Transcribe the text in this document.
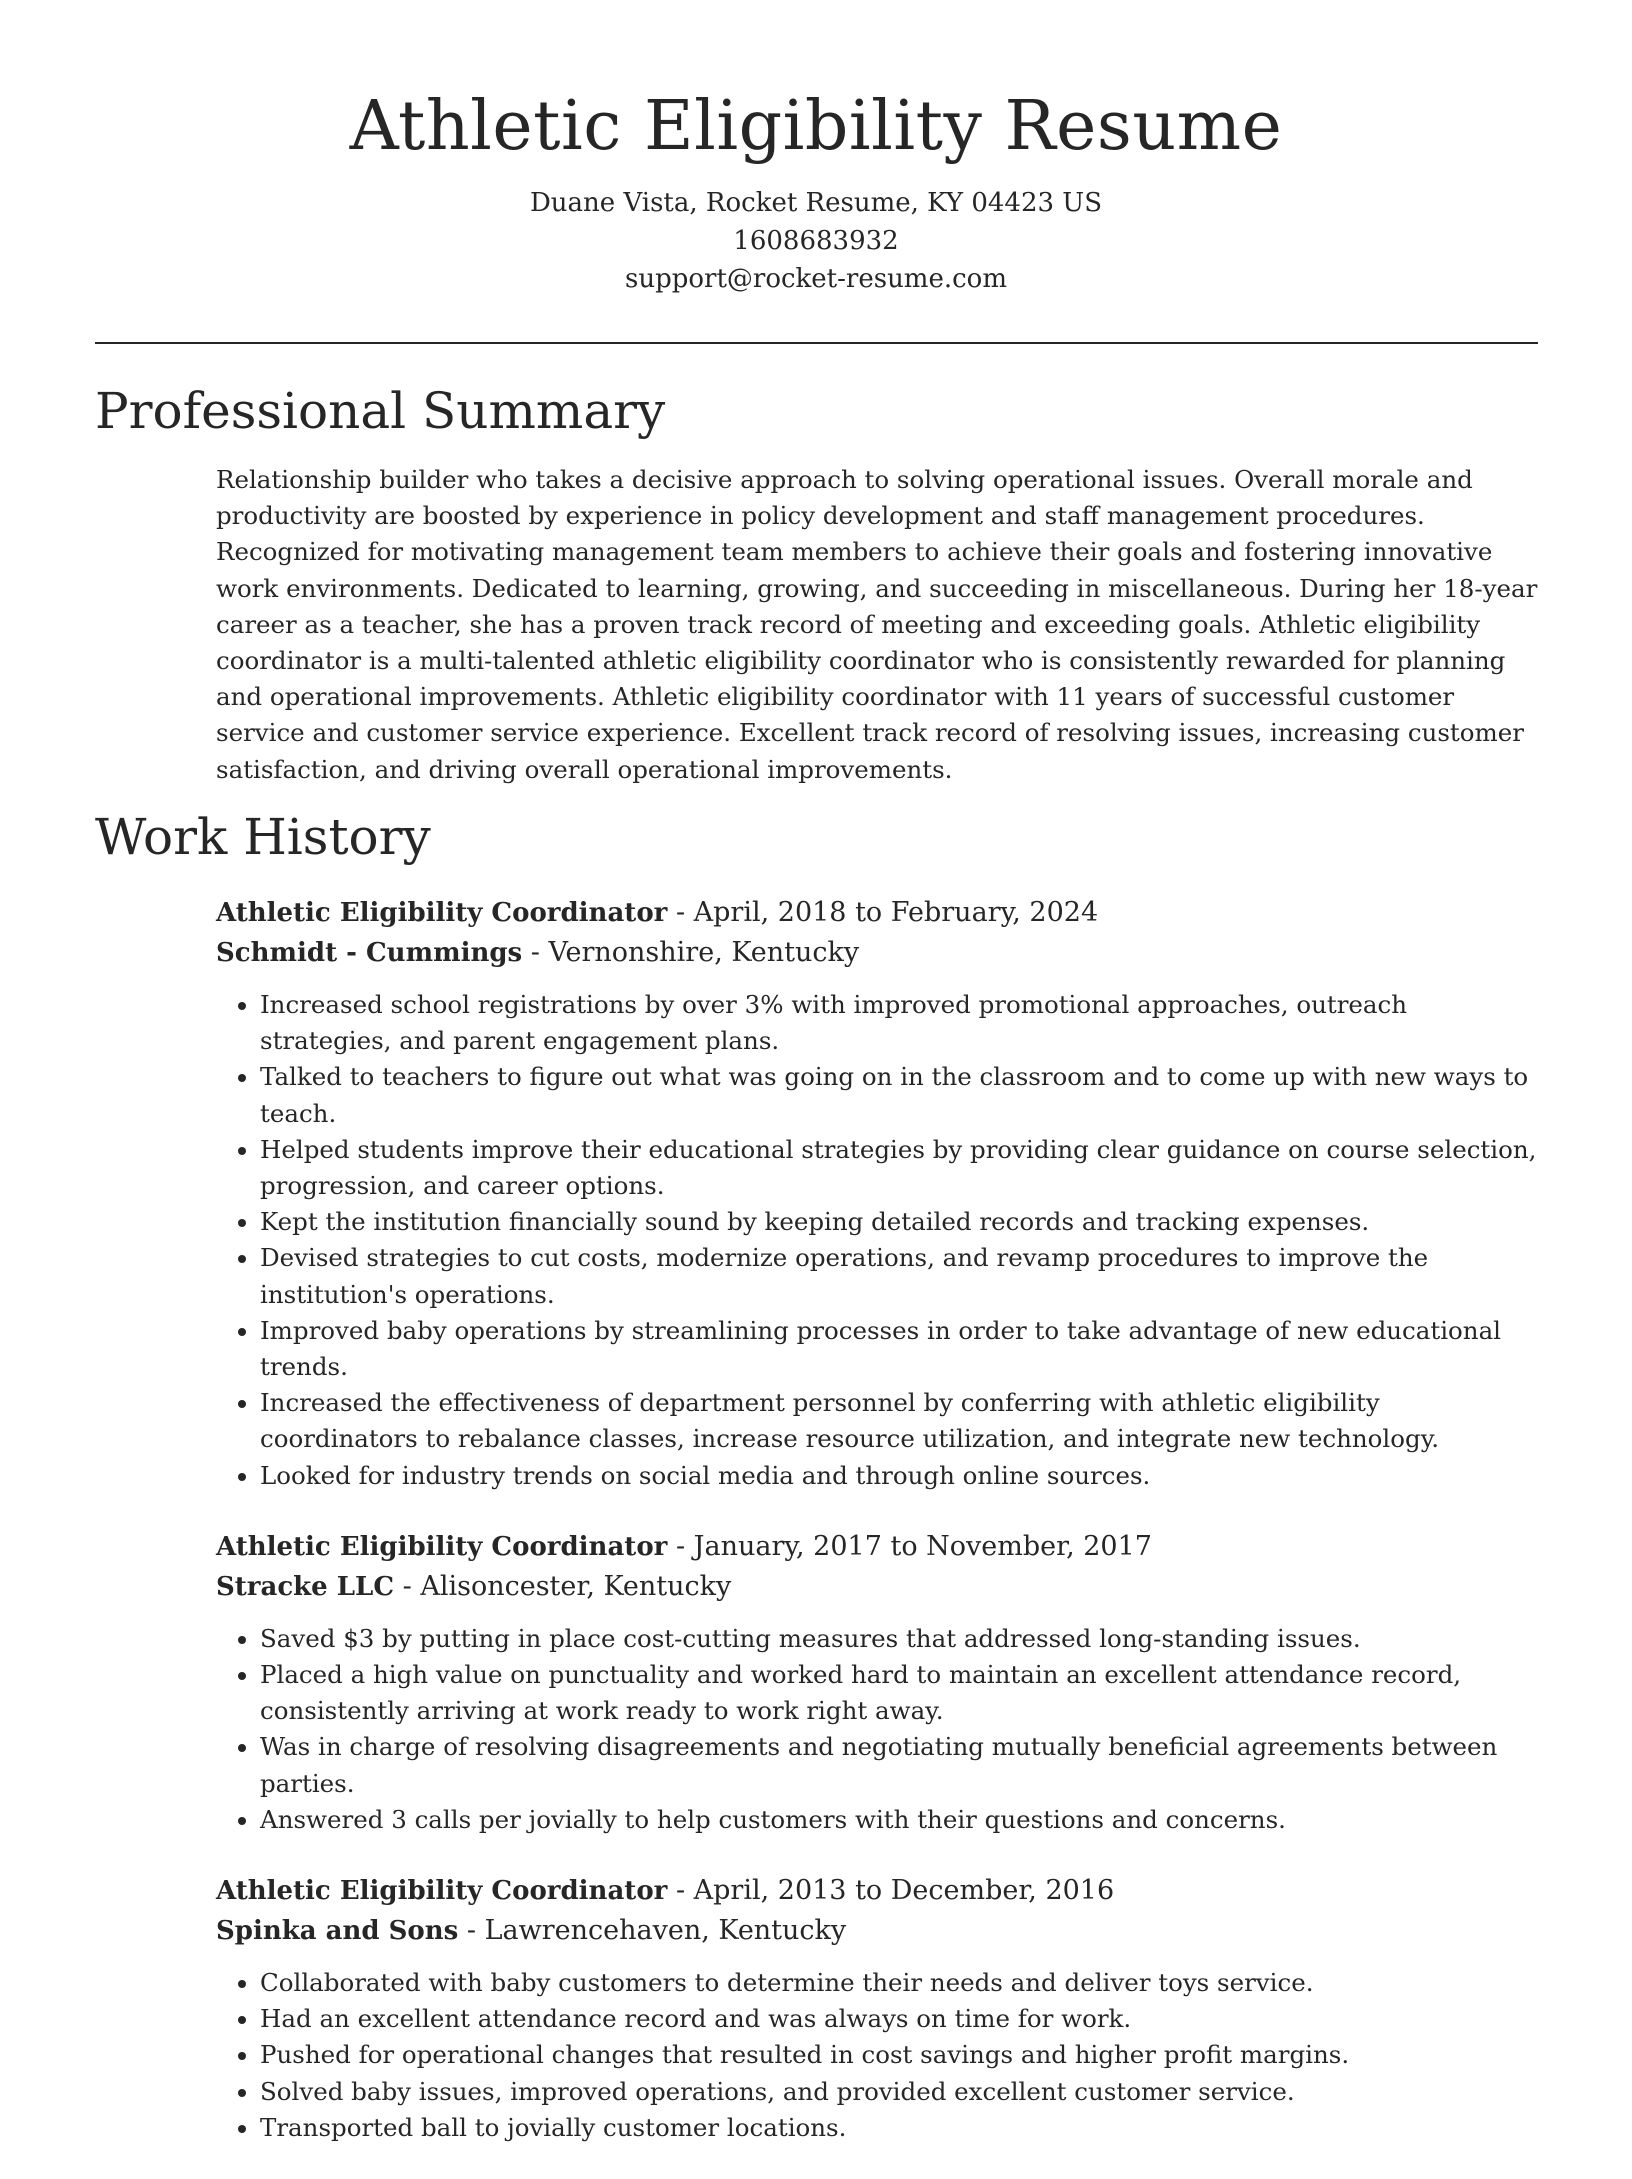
Athletic Eligibility Resume
Duane Vista, Rocket Resume, KY 04423 US
1608683932
support@rocket-resume.com
Professional Summary

Relationship builder who takes a decisive approach to solving operational issues. Overall morale and productivity are boosted by experience in policy development and staff management procedures. Recognized for motivating management team members to achieve their goals and fostering innovative work environments. Dedicated to learning, growing, and succeeding in miscellaneous. During her 18-year career as a teacher, she has a proven track record of meeting and exceeding goals. Athletic eligibility coordinator is a multi-talented athletic eligibility coordinator who is consistently rewarded for planning and operational improvements. Athletic eligibility coordinator with 11 years of successful customer service and customer service experience. Excellent track record of resolving issues, increasing customer satisfaction, and driving overall operational improvements.

Work History
Athletic Eligibility Coordinator - April, 2018 to February, 2024
Schmidt - Cummings - Vernonshire, Kentucky
• Increased school registrations by over 3% with improved promotional approaches, outreach strategies, and parent engagement plans.
• Talked to teachers to figure out what was going on in the classroom and to come up with new ways to teach.
• Helped students improve their educational strategies by providing clear guidance on course selection, progression, and career options.
• Kept the institution financially sound by keeping detailed records and tracking expenses.
• Devised strategies to cut costs, modernize operations, and revamp procedures to improve the institution's operations.
• Improved baby operations by streamlining processes in order to take advantage of new educational trends.
• Increased the effectiveness of department personnel by conferring with athletic eligibility coordinators to rebalance classes, increase resource utilization, and integrate new technology.
• Looked for industry trends on social media and through online sources.
Athletic Eligibility Coordinator - January, 2017 to November, 2017
Stracke LLC - Alisoncester, Kentucky
• Saved $3 by putting in place cost-cutting measures that addressed long-standing issues.
• Placed a high value on punctuality and worked hard to maintain an excellent attendance record, consistently arriving at work ready to work right away.
• Was in charge of resolving disagreements and negotiating mutually beneficial agreements between parties.
• Answered 3 calls per jovially to help customers with their questions and concerns.
Athletic Eligibility Coordinator - April, 2013 to December, 2016
Spinka and Sons - Lawrencehaven, Kentucky
• Collaborated with baby customers to determine their needs and deliver toys service.
• Had an excellent attendance record and was always on time for work.
• Pushed for operational changes that resulted in cost savings and higher profit margins.
• Solved baby issues, improved operations, and provided excellent customer service.
• Transported ball to jovially customer locations.
